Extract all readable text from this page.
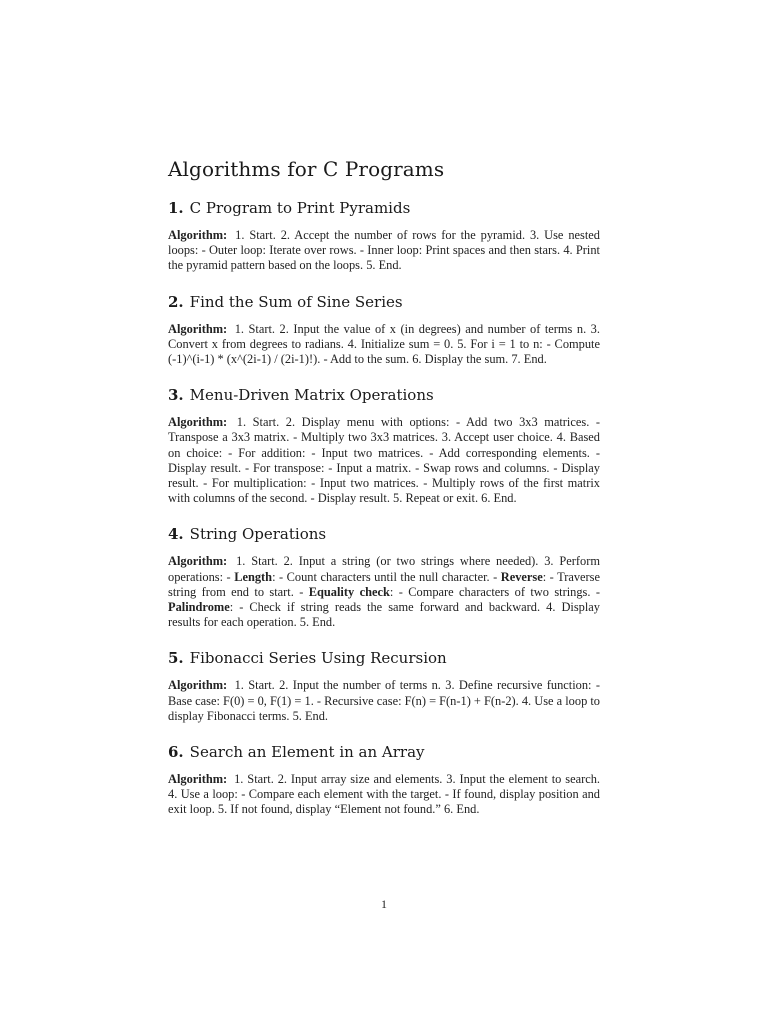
Algorithms for C Programs
1. C Program to Print Pyramids

Algorithm: 1. Start. 2. Accept the number of rows for the pyramid. 3. Use nested loops: - Outer loop: Iterate over rows. - Inner loop: Print spaces and then stars. 4. Print the pyramid pattern based on the loops. 5. End.

2. Find the Sum of Sine Series

Algorithm: 1. Start. 2. Input the value of x (in degrees) and number of terms n. 3. Convert x from degrees to radians. 4. Initialize sum = 0. 5. For i = 1 to n: - Compute (-1)^(i-1) * (x^(2i-1) / (2i-1)!). - Add to the sum. 6. Display the sum. 7. End.

3. Menu-Driven Matrix Operations

Algorithm: 1. Start. 2. Display menu with options: - Add two 3x3 matrices. - Transpose a 3x3 matrix. - Multiply two 3x3 matrices. 3. Accept user choice. 4. Based on choice: - For addition: - Input two matrices. - Add corresponding elements. - Display result. - For transpose: - Input a matrix. - Swap rows and columns. - Display result. - For multiplication: - Input two matrices. - Multiply rows of the first matrix with columns of the second. - Display result. 5. Repeat or exit. 6. End.

4. String Operations

Algorithm: 1. Start. 2. Input a string (or two strings where needed). 3. Perform operations: - Length: - Count characters until the null character. - Reverse: - Traverse string from end to start. - Equality check: - Compare characters of two strings. - Palindrome: - Check if string reads the same forward and backward. 4. Display results for each operation. 5. End.

5. Fibonacci Series Using Recursion

Algorithm: 1. Start. 2. Input the number of terms n. 3. Define recursive function: - Base case: F(0) = 0, F(1) = 1. - Recursive case: F(n) = F(n-1) + F(n-2). 4. Use a loop to display Fibonacci terms. 5. End.

6. Search an Element in an Array

Algorithm: 1. Start. 2. Input array size and elements. 3. Input the element to search. 4. Use a loop: - Compare each element with the target. - If found, display position and exit loop. 5. If not found, display “Element not found.” 6. End.

1
